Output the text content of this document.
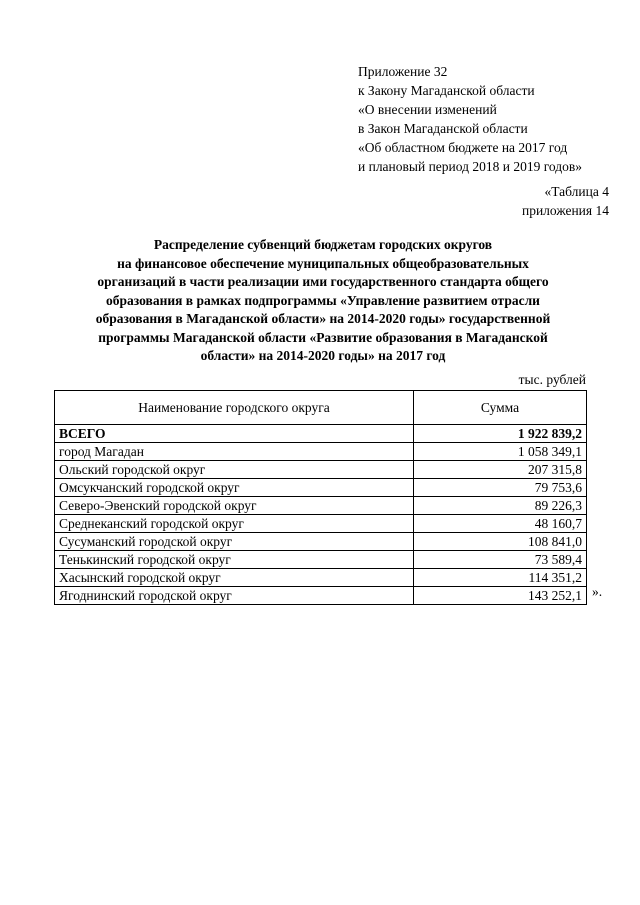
Приложение 32
к Закону Магаданской области
«О внесении изменений
в Закон Магаданской области
«Об областном бюджете на 2017 год
и плановый период 2018 и 2019 годов»
«Таблица 4
приложения 14
Распределение субвенций бюджетам городских округов
на финансовое обеспечение муниципальных общеобразовательных
организаций в части реализации ими государственного стандарта общего
образования в рамках подпрограммы «Управление развитием отрасли
образования в Магаданской области» на 2014-2020 годы» государственной
программы Магаданской области «Развитие образования в Магаданской
области» на 2014-2020 годы» на 2017 год
тыс. рублей
Наименование городского округа	Сумма
ВСЕГО	1 922 839,2
город Магадан	1 058 349,1
Ольский городской округ	207 315,8
Омсукчанский городской округ	79 753,6
Северо-Эвенский городской округ	89 226,3
Среднеканский городской округ	48 160,7
Сусуманский городской округ	108 841,0
Тенькинский городской округ	73 589,4
Хасынский городской округ	114 351,2
Ягоднинский городской округ	143 252,1 ».
